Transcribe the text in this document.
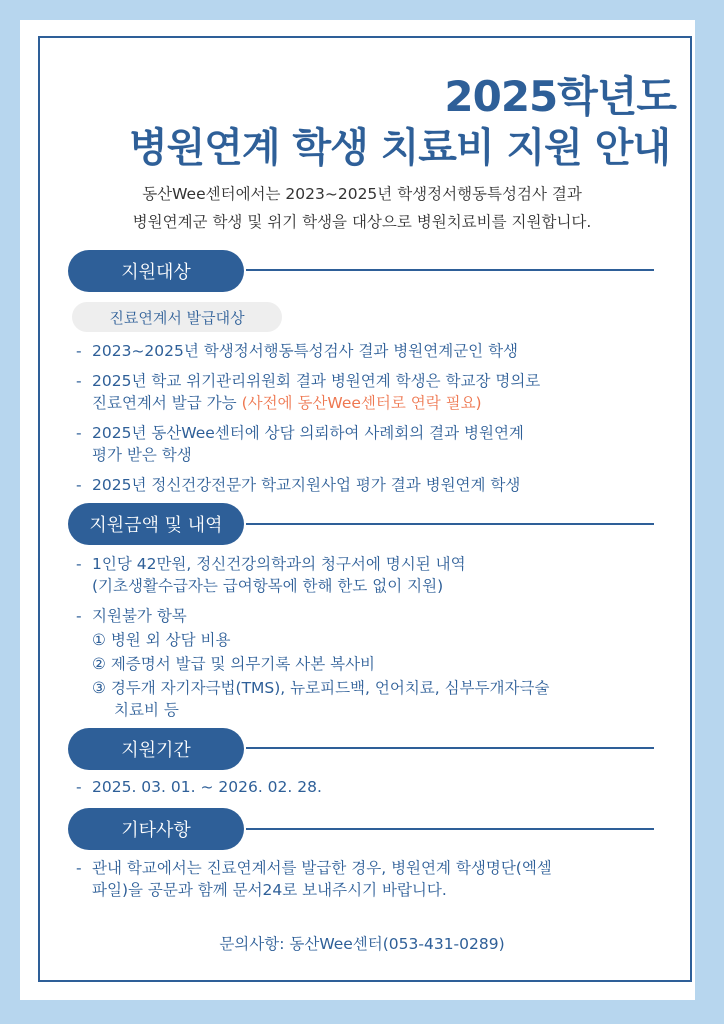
2025학년도
병원연계 학생 치료비 지원 안내
동산Wee센터에서는 2023~2025년 학생정서행동특성검사 결과
병원연계군 학생 및 위기 학생을 대상으로 병원치료비를 지원합니다.
지원대상
진료연계서 발급대상
- 2023~2025년 학생정서행동특성검사 결과 병원연계군인 학생
- 2025년 학교 위기관리위원회 결과 병원연계 학생은 학교장 명의로
진료연계서 발급 가능 (사전에 동산Wee센터로 연락 필요)
- 2025년 동산Wee센터에 상담 의뢰하여 사례회의 결과 병원연계
평가 받은 학생
- 2025년 정신건강전문가 학교지원사업 평가 결과 병원연계 학생
지원금액 및 내역
- 1인당 42만원, 정신건강의학과의 청구서에 명시된 내역
(기초생활수급자는 급여항목에 한해 한도 없이 지원)
- 지원불가 항목
① 병원 외 상담 비용
② 제증명서 발급 및 의무기록 사본 복사비
③ 경두개 자기자극법(TMS), 뉴로피드백, 언어치료, 심부두개자극술
치료비 등
지원기간
- 2025. 03. 01. ~ 2026. 02. 28.
기타사항
- 관내 학교에서는 진료연계서를 발급한 경우, 병원연계 학생명단(엑셀
파일)을 공문과 함께 문서24로 보내주시기 바랍니다.
문의사항: 동산Wee센터(053-431-0289)
